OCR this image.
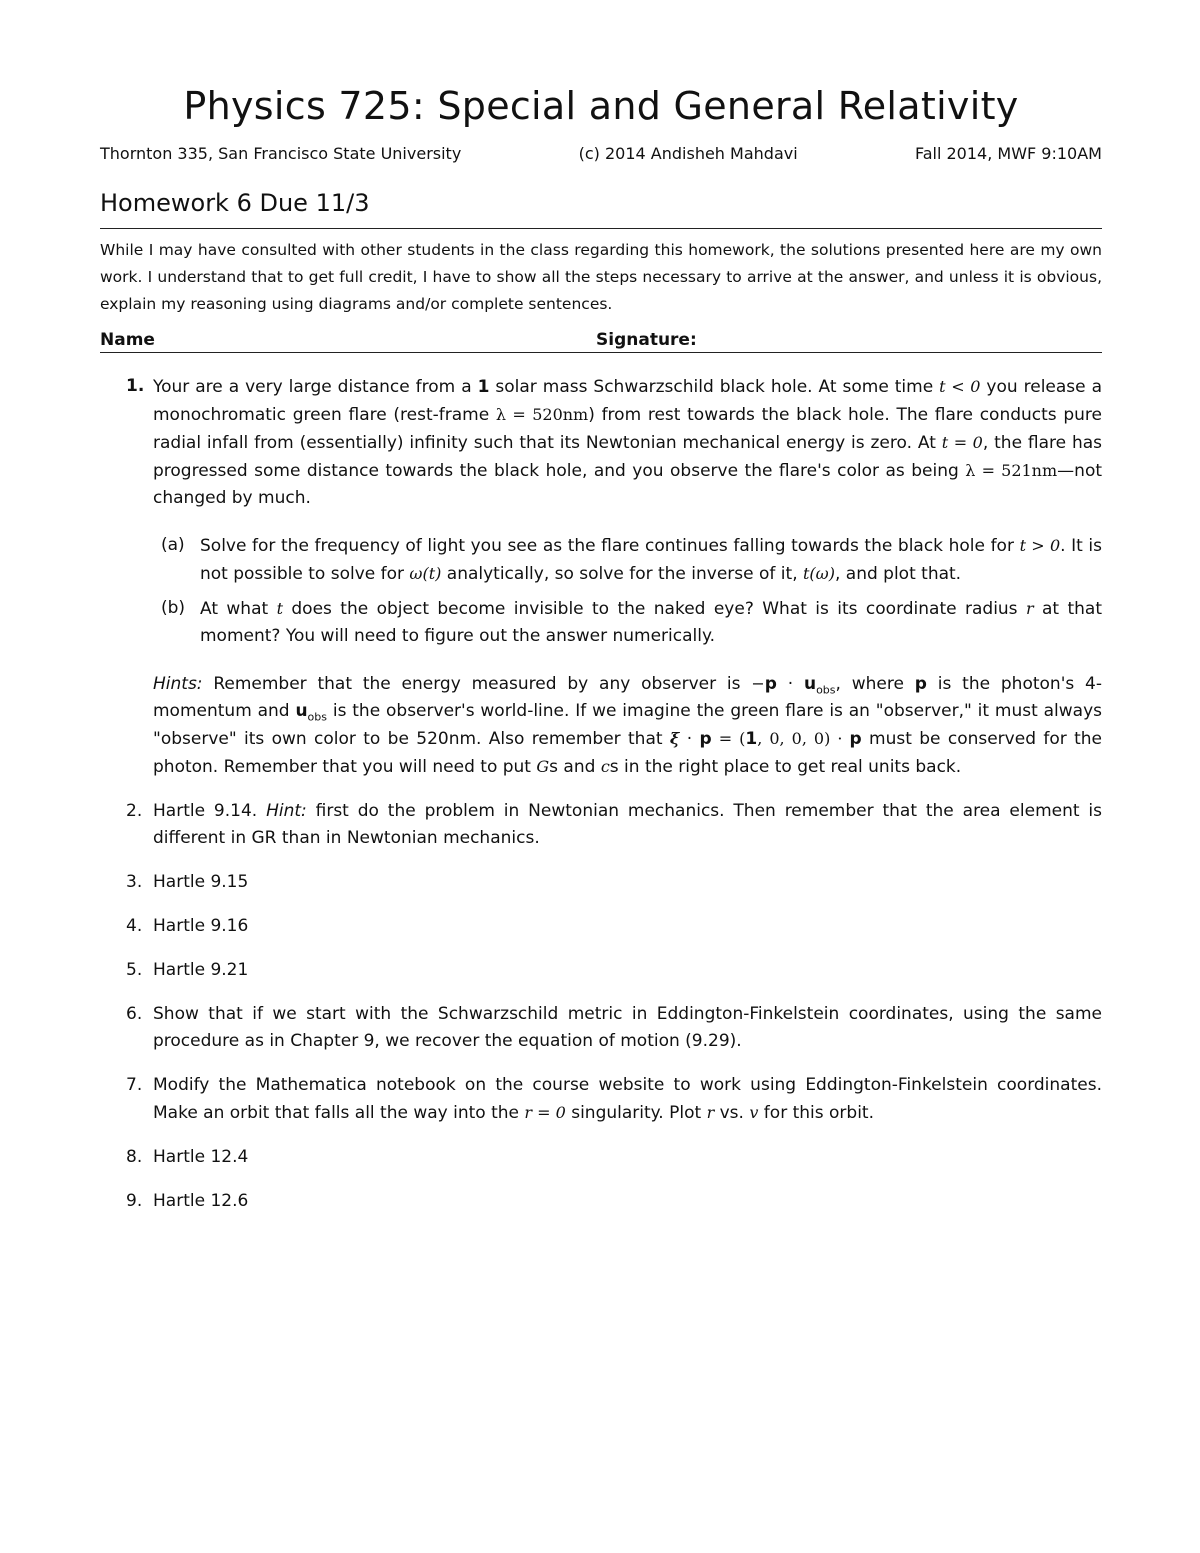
Physics 725: Special and General Relativity
Thornton 335, San Francisco State University	(c) 2014 Andisheh Mahdavi	Fall 2014, MWF 9:10AM
Homework 6 Due 11/3
While I may have consulted with other students in the class regarding this homework, the solutions presented here are my own work. I understand that to get full credit, I have to show all the steps necessary to arrive at the answer, and unless it is obvious, explain my reasoning using diagrams and/or complete sentences.
Name	Signature:
1. Your are a very large distance from a 1 solar mass Schwarzschild black hole. At some time t < 0 you release a monochromatic green flare (rest-frame λ = 520nm) from rest towards the black hole. The flare conducts pure radial infall from (essentially) infinity such that its Newtonian mechanical energy is zero. At t = 0, the flare has progressed some distance towards the black hole, and you observe the flare's color as being λ = 521nm—not changed by much.
(a) Solve for the frequency of light you see as the flare continues falling towards the black hole for t > 0. It is not possible to solve for ω(t) analytically, so solve for the inverse of it, t(ω), and plot that.
(b) At what t does the object become invisible to the naked eye? What is its coordinate radius r at that moment? You will need to figure out the answer numerically.
Hints: Remember that the energy measured by any observer is $-p \cdot u_{obs}$, where p is the photon's 4-momentum and $u_{obs}$ is the observer's world-line. If we imagine the green flare is an "observer," it must always "observe" its own color to be 520nm. Also remember that ξ · p = (1, 0, 0, 0) · p must be conserved for the photon. Remember that you will need to put Gs and cs in the right place to get real units back.
2. Hartle 9.14. Hint: first do the problem in Newtonian mechanics. Then remember that the area element is different in GR than in Newtonian mechanics.
3. Hartle 9.15
4. Hartle 9.16
5. Hartle 9.21
6. Show that if we start with the Schwarzschild metric in Eddington-Finkelstein coordinates, using the same procedure as in Chapter 9, we recover the equation of motion (9.29).
7. Modify the Mathematica notebook on the course website to work using Eddington-Finkelstein coordinates. Make an orbit that falls all the way into the r = 0 singularity. Plot r vs. v for this orbit.
8. Hartle 12.4
9. Hartle 12.6
